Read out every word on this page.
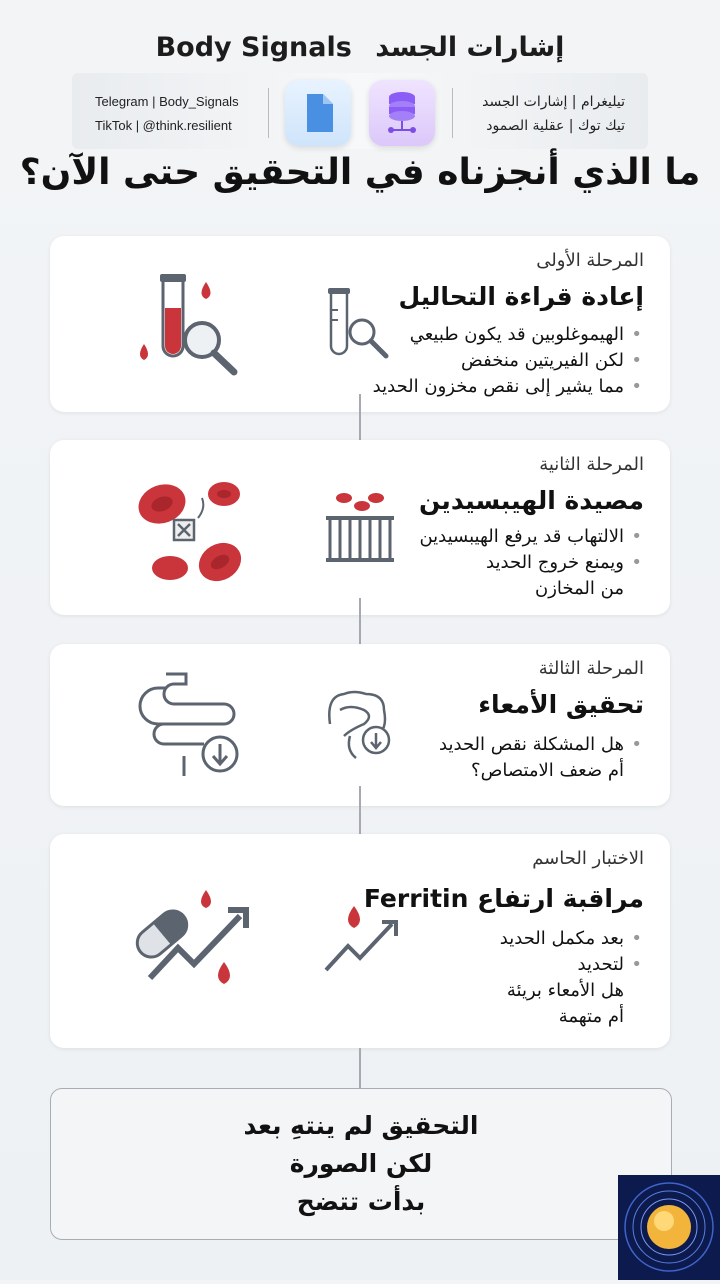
Body Signals إشارات الجسد
Telegram | Body_Signals
TikTok | @think.resilient
تيليغرام | إشارات الجسد
تيك توك | عقلية الصمود
ما الذي أنجزناه في التحقيق حتى الآن؟
المرحلة الأولى
إعادة قراءة التحاليل
• الهيموغلوبين قد يكون طبيعي
• لكن الفيريتين منخفض
• مما يشير إلى نقص مخزون الحديد
المرحلة الثانية
مصيدة الهيبسيدين
• الالتهاب قد يرفع الهيبسيدين
• ويمنع خروج الحديد
من المخازن
المرحلة الثالثة
تحقيق الأمعاء
• هل المشكلة نقص الحديد
أم ضعف الامتصاص؟
الاختبار الحاسم
مراقبة ارتفاع Ferritin
• بعد مكمل الحديد
• لتحديد
هل الأمعاء بريئة
أم متهمة
التحقيق لم ينتهِ بعد
لكن الصورة
بدأت تتضح
